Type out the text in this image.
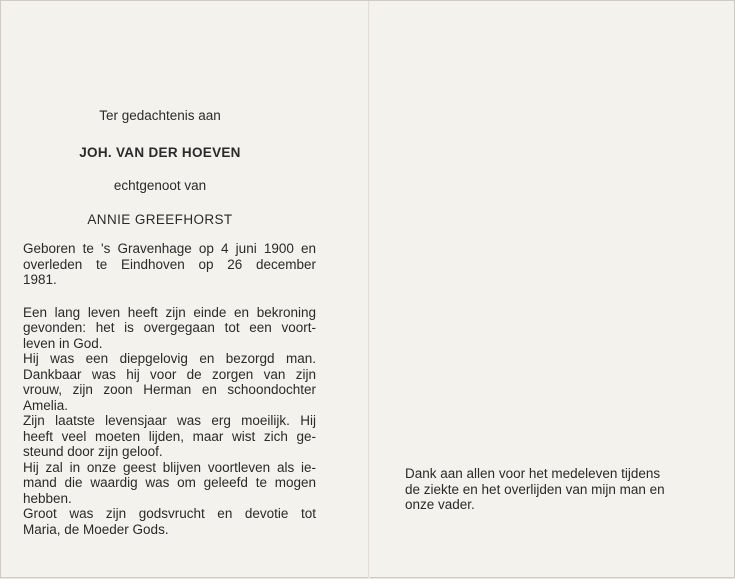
Ter gedachtenis aan
JOH. VAN DER HOEVEN
echtgenoot van
ANNIE GREEFHORST
Geboren te 's Gravenhage op 4 juni 1900 en
overleden te Eindhoven op 26 december
1981.
Een lang leven heeft zijn einde en bekroning
gevonden: het is overgegaan tot een voort-
leven in God.
Hij was een diepgelovig en bezorgd man.
Dankbaar was hij voor de zorgen van zijn
vrouw, zijn zoon Herman en schoondochter
Amelia.
Zijn laatste levensjaar was erg moeilijk. Hij
heeft veel moeten lijden, maar wist zich ge-
steund door zijn geloof.
Hij zal in onze geest blijven voortleven als ie-
mand die waardig was om geleefd te mogen
hebben.
Groot was zijn godsvrucht en devotie tot
Maria, de Moeder Gods.
Dank aan allen voor het medeleven tijdens
de ziekte en het overlijden van mijn man en
onze vader.
